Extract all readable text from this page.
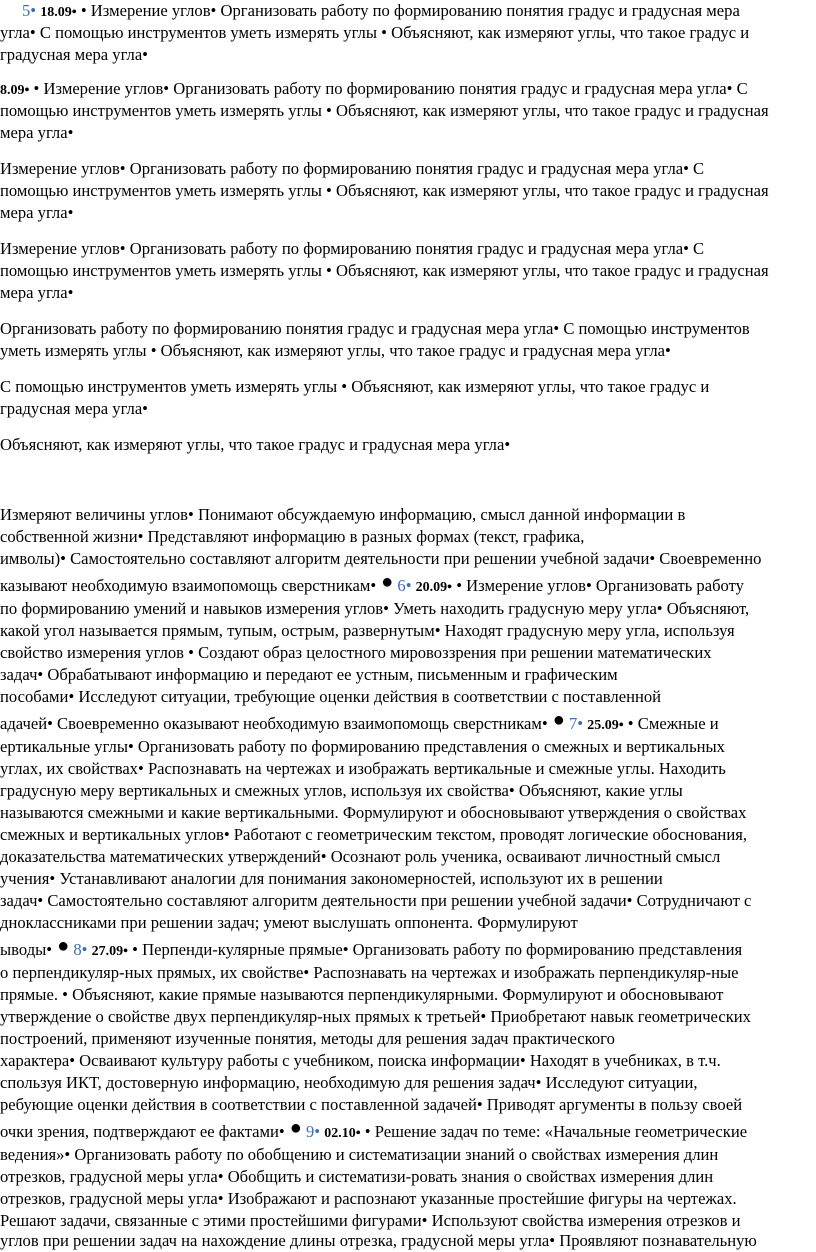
5• 18.09• • Измерение углов• Организовать работу по формированию понятия градус и градусная мера
угла• С помощью инструментов уметь измерять углы • Объясняют, как измеряют углы, что такое градус и
градусная мера угла•
8.09• • Измерение углов• Организовать работу по формированию понятия градус и градусная мера угла• С
помощью инструментов уметь измерять углы • Объясняют, как измеряют углы, что такое градус и градусная
мера угла•
Измерение углов• Организовать работу по формированию понятия градус и градусная мера угла• С
помощью инструментов уметь измерять углы • Объясняют, как измеряют углы, что такое градус и градусная
мера угла•
Измерение углов• Организовать работу по формированию понятия градус и градусная мера угла• С
помощью инструментов уметь измерять углы • Объясняют, как измеряют углы, что такое градус и градусная
мера угла•
Организовать работу по формированию понятия градус и градусная мера угла• С помощью инструментов
уметь измерять углы • Объясняют, как измеряют углы, что такое градус и градусная мера угла•
С помощью инструментов уметь измерять углы • Объясняют, как измеряют углы, что такое градус и
градусная мера угла•
Объясняют, как измеряют углы, что такое градус и градусная мера угла•
Измеряют величины углов• Понимают обсуждаемую информацию, смысл данной информации в
собственной жизни• Представляют информацию в разных формах (текст, графика,
имволы)• Самостоятельно составляют алгоритм деятельности при решении учебной задачи• Своевременно
казывают необходимую взаимопомощь сверстникам• ● 6• 20.09• • Измерение углов• Организовать работу
по формированию умений и навыков измерения углов• Уметь находить градусную меру угла• Объясняют,
какой угол называется прямым, тупым, острым, развернутым• Находят градусную меру угла, используя
свойство измерения углов • Создают образ целостного мировоззрения при решении математических
задач• Обрабатывают информацию и передают ее устным, письменным и графическим
пособами• Исследуют ситуации, требующие оценки действия в соответствии с поставленной
адачей• Своевременно оказывают необходимую взаимопомощь сверстникам• ● 7• 25.09• • Смежные и
ертикальные углы• Организовать работу по формированию представления о смежных и вертикальных
углах, их свойствах• Распознавать на чертежах и изображать вертикальные и смежные углы. Находить
градусную меру вертикальных и смежных углов, используя их свойства• Объясняют, какие углы
называются смежными и какие вертикальными. Формулируют и обосновывают утверждения о свойствах
смежных и вертикальных углов• Работают с геометрическим текстом, проводят логические обоснования,
доказательства математических утверждений• Осознают роль ученика, осваивают личностный смысл
учения• Устанавливают аналогии для понимания закономерностей, используют их в решении
задач• Самостоятельно составляют алгоритм деятельности при решении учебной задачи• Сотрудничают с
дноклассниками при решении задач; умеют выслушать оппонента. Формулируют
ыводы• ● 8• 27.09• • Перпенди-кулярные прямые• Организовать работу по формированию представления
о перпендикуляр-ных прямых, их свойстве• Распознавать на чертежах и изображать перпендикуляр-ные
прямые. • Объясняют, какие прямые называются перпендикулярными. Формулируют и обосновывают
утверждение о свойстве двух перпендикуляр-ных прямых к третьей• Приобретают навык геометрических
построений, применяют изученные понятия, методы для решения задач практического
характера• Осваивают культуру работы с учебником, поиска информации• Находят в учебниках, в т.ч.
спользуя ИКТ, достоверную информацию, необходимую для решения задач• Исследуют ситуации,
ребующие оценки действия в соответствии с поставленной задачей• Приводят аргументы в пользу своей
очки зрения, подтверждают ее фактами• ● 9• 02.10• • Решение задач по теме: «Начальные геометрические
ведения»• Организовать работу по обобщению и систематизации знаний о свойствах измерения длин
отрезков, градусной меры угла• Обобщить и систематизи-ровать знания о свойствах измерения длин
отрезков, градусной меры угла• Изображают и распознают указанные простейшие фигуры на чертежах.
Решают задачи, связанные с этими простейшими фигурами• Используют свойства измерения отрезков и
углов при решении задач на нахождение длины отрезка, градусной меры угла• Проявляют познавательную
